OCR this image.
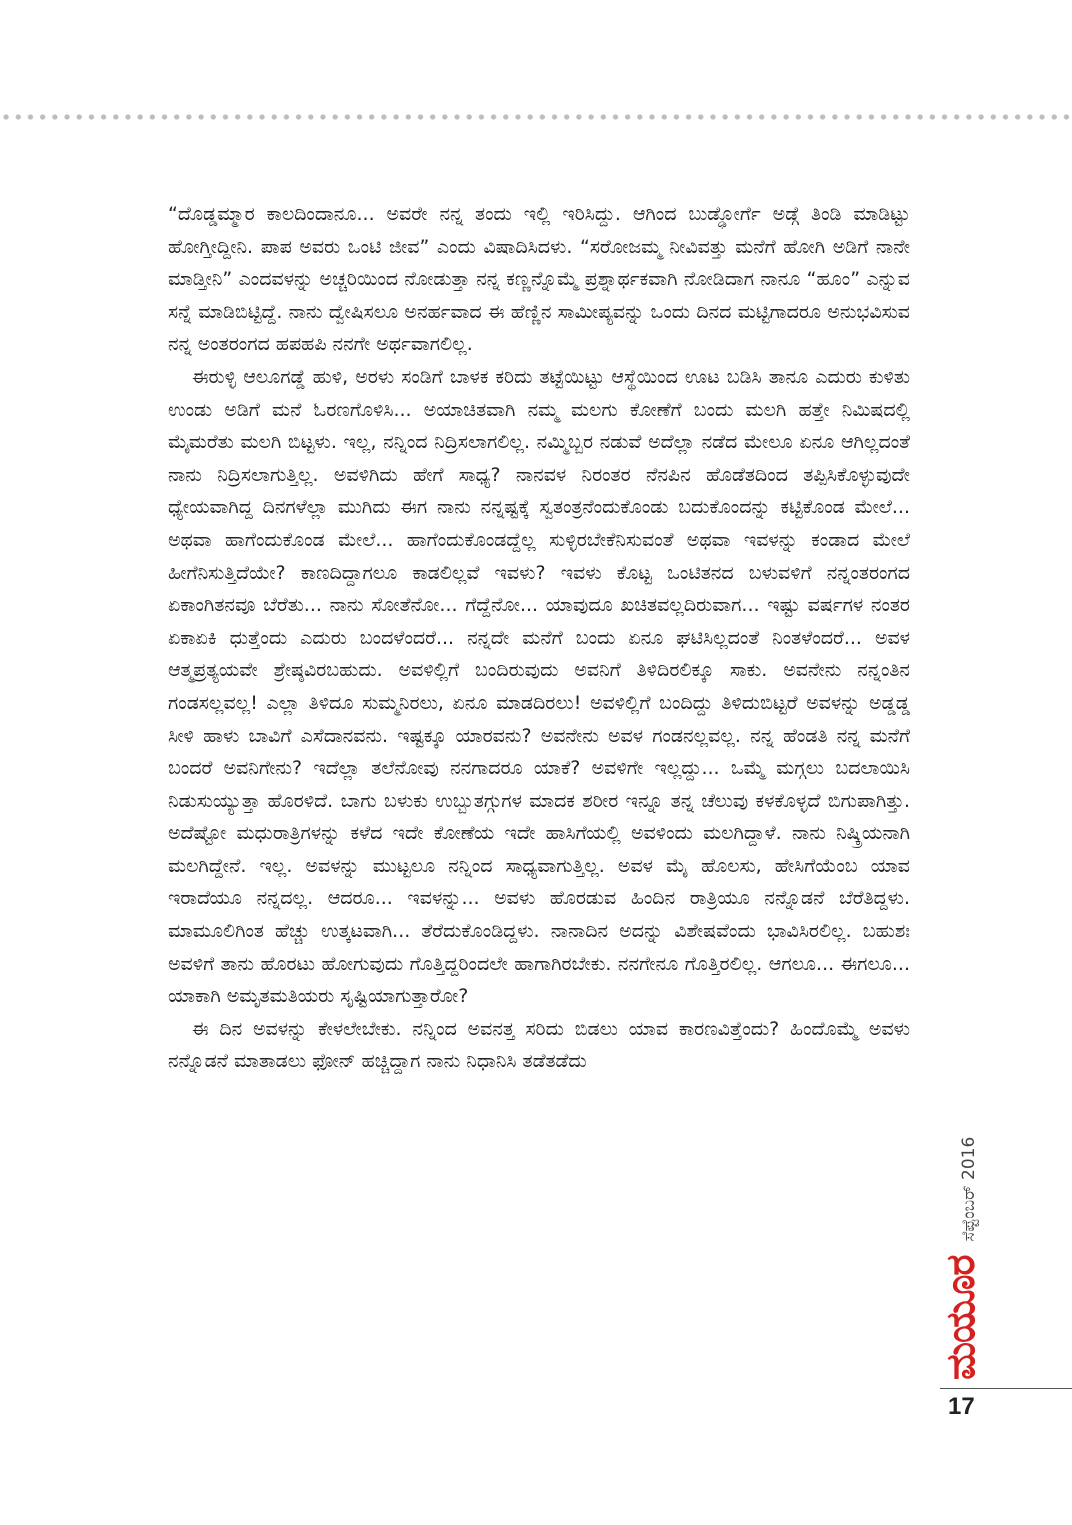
“ದೊಡ್ಡಮ್ಮಾರ ಕಾಲದಿಂದಾನೂ... ಅವರೇ ನನ್ನ ತಂದು ಇಲ್ಲಿ ಇರಿಸಿದ್ದು. ಆಗಿಂದ ಬುಡ್ಢೋರ್ಗೆ ಅಡ್ಗೆ ತಿಂಡಿ ಮಾಡಿಟ್ಟು ಹೋಗ್ತೀದ್ದೀನಿ. ಪಾಪ ಅವರು ಒಂಟಿ ಜೀವ” ಎಂದು ವಿಷಾದಿಸಿದಳು. “ಸರೋಜಮ್ಮ ನೀವಿವತ್ತು ಮನೆಗೆ ಹೋಗಿ ಅಡಿಗೆ ನಾನೇ ಮಾಡ್ತೀನಿ” ಎಂದವಳನ್ನು ಅಚ್ಚರಿಯಿಂದ ನೋಡುತ್ತಾ ನನ್ನ ಕಣ್ಣನ್ನೊಮ್ಮೆ ಪ್ರಶ್ನಾರ್ಥಕವಾಗಿ ನೋಡಿದಾಗ ನಾನೂ “ಹೂಂ” ಎನ್ನುವ ಸನ್ನೆ ಮಾಡಿಬಿಟ್ಟಿದ್ದೆ. ನಾನು ದ್ವೇಷಿಸಲೂ ಅನರ್ಹವಾದ ಈ ಹೆಣ್ಣಿನ ಸಾಮೀಪ್ಯವನ್ನು ಒಂದು ದಿನದ ಮಟ್ಟಿಗಾದರೂ ಅನುಭವಿಸುವ ನನ್ನ ಅಂತರಂಗದ ಹಪಹಪಿ ನನಗೇ ಅರ್ಥವಾಗಲಿಲ್ಲ.

ಈರುಳ್ಳಿ ಆಲೂಗಡ್ಡೆ ಹುಳಿ, ಅರಳು ಸಂಡಿಗೆ ಬಾಳಕ ಕರಿದು ತಟ್ಟೆಯಿಟ್ಟು ಆಸ್ಥೆಯಿಂದ ಊಟ ಬಡಿಸಿ ತಾನೂ ಎದುರು ಕುಳಿತು ಉಂಡು ಅಡಿಗೆ ಮನೆ ಓರಣಗೊಳಿಸಿ... ಅಯಾಚಿತವಾಗಿ ನಮ್ಮ ಮಲಗು ಕೋಣೆಗೆ ಬಂದು ಮಲಗಿ ಹತ್ತೇ ನಿಮಿಷದಲ್ಲಿ ಮೈಮರೆತು ಮಲಗಿ ಬಿಟ್ಟಳು. ಇಲ್ಲ, ನನ್ನಿಂದ ನಿದ್ರಿಸಲಾಗಲಿಲ್ಲ. ನಮ್ಮಿಬ್ಬರ ನಡುವೆ ಅದೆಲ್ಲಾ ನಡೆದ ಮೇಲೂ ಏನೂ ಆಗಿಲ್ಲದಂತೆ ನಾನು ನಿದ್ರಿಸಲಾಗುತ್ತಿಲ್ಲ. ಅವಳಿಗಿದು ಹೇಗೆ ಸಾಧ್ಯ? ನಾನವಳ ನಿರಂತರ ನೆನಪಿನ ಹೊಡೆತದಿಂದ ತಪ್ಪಿಸಿಕೊಳ್ಳುವುದೇ ಧ್ಯೇಯವಾಗಿದ್ದ ದಿನಗಳೆಲ್ಲಾ ಮುಗಿದು ಈಗ ನಾನು ನನ್ನಷ್ಟಕ್ಕೆ ಸ್ವತಂತ್ರನೆಂದುಕೊಂಡು ಬದುಕೊಂದನ್ನು ಕಟ್ಟಿಕೊಂಡ ಮೇಲೆ... ಅಥವಾ ಹಾಗೆಂದುಕೊಂಡ ಮೇಲೆ... ಹಾಗೆಂದುಕೊಂಡದ್ದೆಲ್ಲ ಸುಳ್ಳಿರಬೇಕೆನಿಸುವಂತೆ ಅಥವಾ ಇವಳನ್ನು ಕಂಡಾದ ಮೇಲೆ ಹೀಗೆನಿಸುತ್ತಿದೆಯೇ? ಕಾಣದಿದ್ದಾಗಲೂ ಕಾಡಲಿಲ್ಲವೆ ಇವಳು? ಇವಳು ಕೊಟ್ಟ ಒಂಟಿತನದ ಬಳುವಳಿಗೆ ನನ್ನಂತರಂಗದ ಏಕಾಂಗಿತನವೂ ಬೆರೆತು... ನಾನು ಸೋತೆನೋ... ಗೆದ್ದೆನೋ... ಯಾವುದೂ ಖಚಿತವಲ್ಲದಿರುವಾಗ... ಇಷ್ಟು ವರ್ಷಗಳ ನಂತರ ಏಕಾಏಕಿ ಧುತ್ತೆಂದು ಎದುರು ಬಂದಳೆಂದರೆ... ನನ್ನದೇ ಮನೆಗೆ ಬಂದು ಏನೂ ಘಟಿಸಿಲ್ಲದಂತೆ ನಿಂತಳೆಂದರೆ... ಅವಳ ಆತ್ಮಪ್ರತ್ಯಯವೇ ಶ್ರೇಷ್ಠವಿರಬಹುದು. ಅವಳಿಲ್ಲಿಗೆ ಬಂದಿರುವುದು ಅವನಿಗೆ ತಿಳಿದಿರಲಿಕ್ಕೂ ಸಾಕು. ಅವನೇನು ನನ್ನಂತಿನ ಗಂಡಸಲ್ಲವಲ್ಲ! ಎಲ್ಲಾ ತಿಳಿದೂ ಸುಮ್ಮನಿರಲು, ಏನೂ ಮಾಡದಿರಲು! ಅವಳಿಲ್ಲಿಗೆ ಬಂದಿದ್ದು ತಿಳಿದುಬಿಟ್ಟರೆ ಅವಳನ್ನು ಅಡ್ಡಡ್ಡ ಸೀಳಿ ಹಾಳು ಬಾವಿಗೆ ಎಸೆದಾನವನು. ಇಷ್ಟಕ್ಕೂ ಯಾರವನು? ಅವನೇನು ಅವಳ ಗಂಡನಲ್ಲವಲ್ಲ. ನನ್ನ ಹೆಂಡತಿ ನನ್ನ ಮನೆಗೆ ಬಂದರೆ ಅವನಿಗೇನು? ಇದೆಲ್ಲಾ ತಲೆನೋವು ನನಗಾದರೂ ಯಾಕೆ? ಅವಳಿಗೇ ಇಲ್ಲದ್ದು... ಒಮ್ಮೆ ಮಗ್ಗಲು ಬದಲಾಯಿಸಿ ನಿಡುಸುಯ್ಯುತ್ತಾ ಹೊರಳಿದೆ. ಬಾಗು ಬಳುಕು ಉಬ್ಬುತಗ್ಗುಗಳ ಮಾದಕ ಶರೀರ ಇನ್ನೂ ತನ್ನ ಚೆಲುವು ಕಳಕೊಳ್ಳದೆ ಬಿಗುಪಾಗಿತ್ತು. ಅದೆಷ್ಟೋ ಮಧುರಾತ್ರಿಗಳನ್ನು ಕಳೆದ ಇದೇ ಕೋಣೆಯ ಇದೇ ಹಾಸಿಗೆಯಲ್ಲಿ ಅವಳಿಂದು ಮಲಗಿದ್ದಾಳೆ. ನಾನು ನಿಷ್ಕ್ರಿಯನಾಗಿ ಮಲಗಿದ್ದೇನೆ. ಇಲ್ಲ. ಅವಳನ್ನು ಮುಟ್ಟಲೂ ನನ್ನಿಂದ ಸಾಧ್ಯವಾಗುತ್ತಿಲ್ಲ. ಅವಳ ಮೈ ಹೊಲಸು, ಹೇಸಿಗೆಯೆಂಬ ಯಾವ ಇರಾದೆಯೂ ನನ್ನದಲ್ಲ. ಆದರೂ... ಇವಳನ್ನು... ಅವಳು ಹೊರಡುವ ಹಿಂದಿನ ರಾತ್ರಿಯೂ ನನ್ನೊಡನೆ ಬೆರೆತಿದ್ದಳು. ಮಾಮೂಲಿಗಿಂತ ಹೆಚ್ಚು ಉತ್ಕಟವಾಗಿ... ತೆರೆದುಕೊಂಡಿದ್ದಳು. ನಾನಾದಿನ ಅದನ್ನು ವಿಶೇಷವೆಂದು ಭಾವಿಸಿರಲಿಲ್ಲ. ಬಹುಶಃ ಅವಳಿಗೆ ತಾನು ಹೊರಟು ಹೋಗುವುದು ಗೊತ್ತಿದ್ದರಿಂದಲೇ ಹಾಗಾಗಿರಬೇಕು. ನನಗೇನೂ ಗೊತ್ತಿರಲಿಲ್ಲ. ಆಗಲೂ... ಈಗಲೂ... ಯಾಕಾಗಿ ಅಮೃತಮತಿಯರು ಸೃಷ್ಟಿಯಾಗುತ್ತಾರೋ?

ಈ ದಿನ ಅವಳನ್ನು ಕೇಳಲೇಬೇಕು. ನನ್ನಿಂದ ಅವನತ್ತ ಸರಿದು ಬಿಡಲು ಯಾವ ಕಾರಣವಿತ್ತೆಂದು? ಹಿಂದೊಮ್ಮೆ ಅವಳು ನನ್ನೊಡನೆ ಮಾತಾಡಲು ಫೋನ್ ಹಚ್ಚಿದ್ದಾಗ ನಾನು ನಿಧಾನಿಸಿ ತಡೆತಡೆದು

ಮಯೂರ
ಸೆಪ್ಟೆಂಬರ್ 2016
17
